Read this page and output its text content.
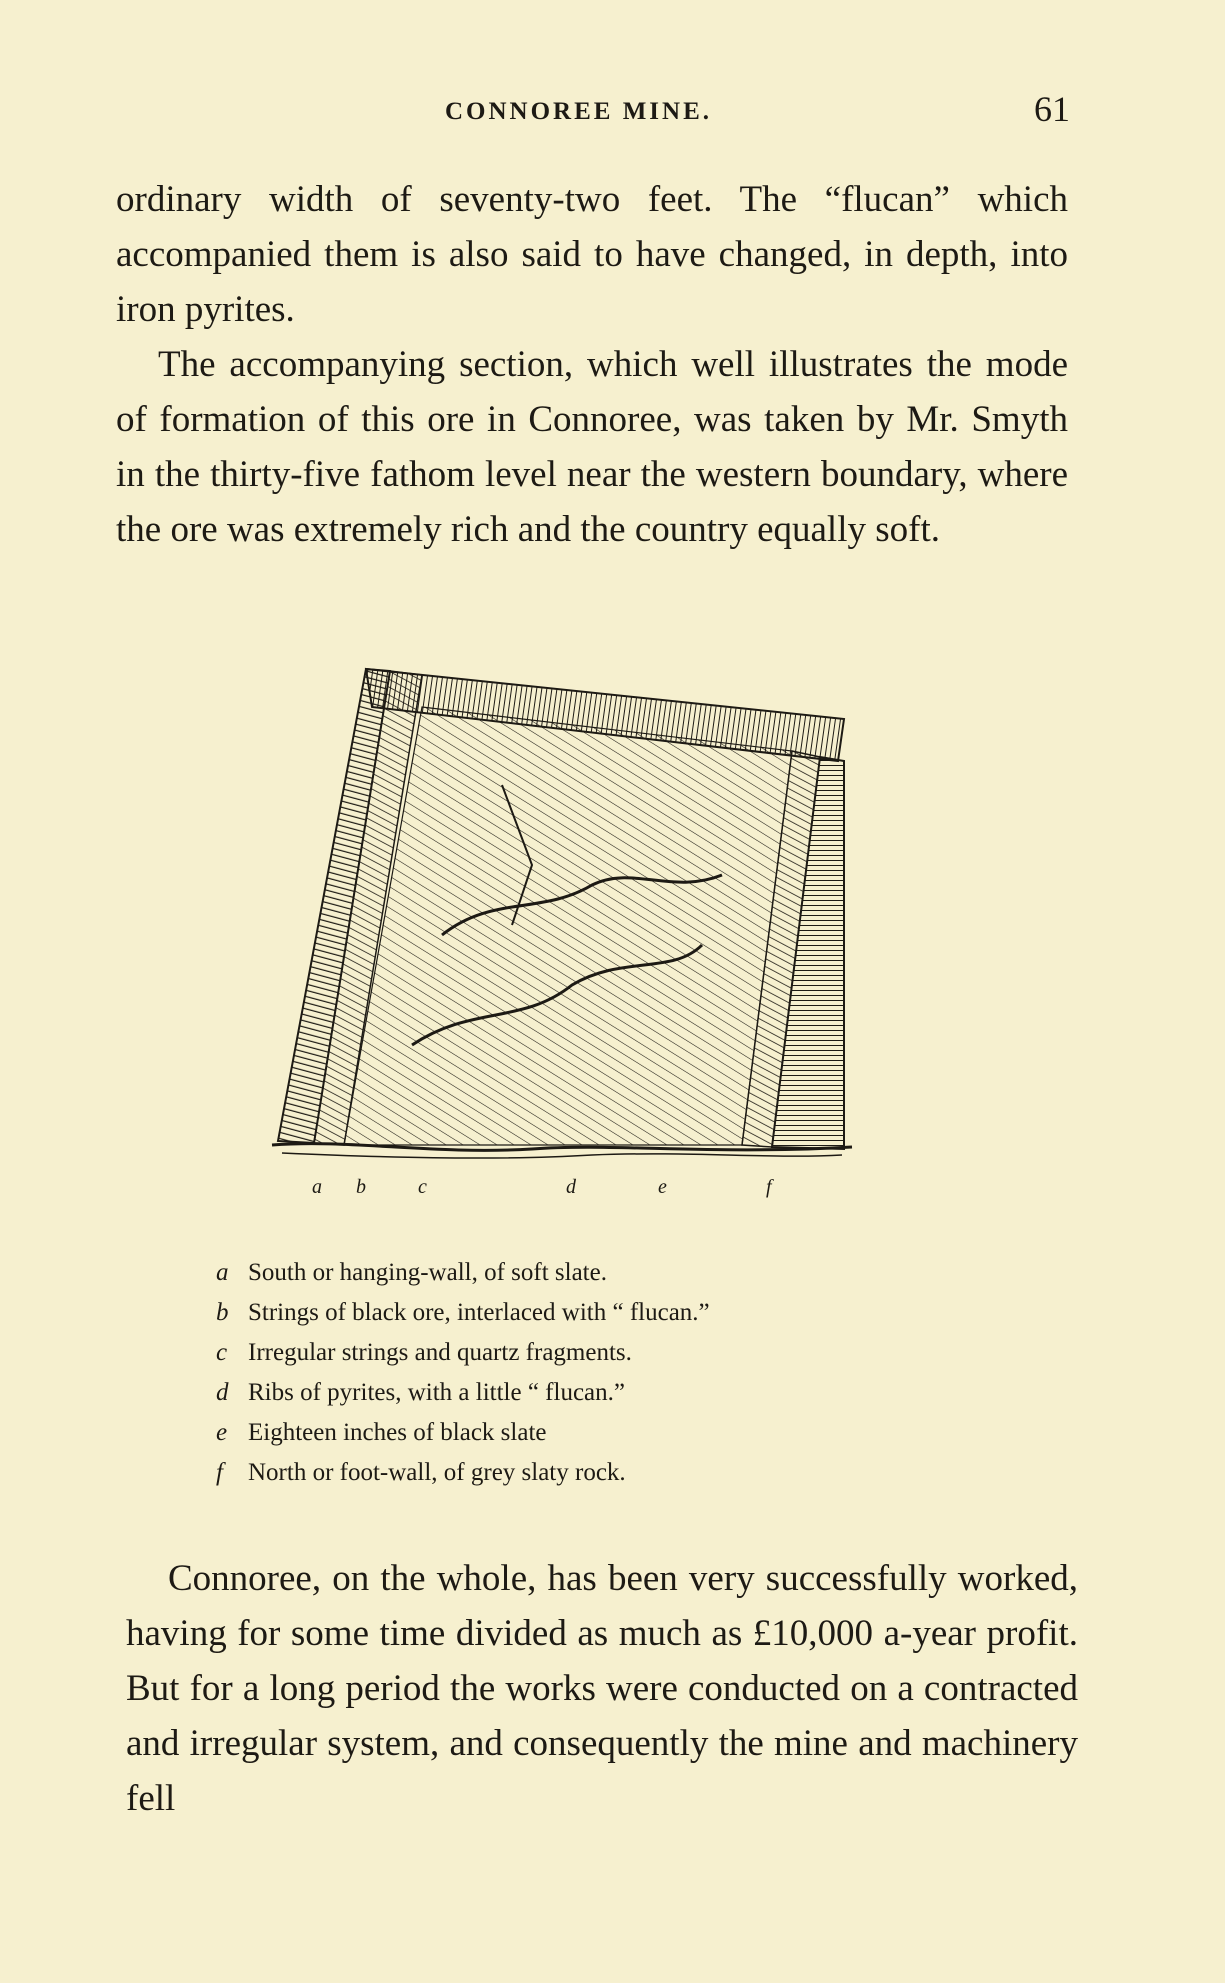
CONNOREE MINE.	61

ordinary width of seventy-two feet. The “flucan” which accompanied them is also said to have changed, in depth, into iron pyrites.

The accompanying section, which well illustrates the mode of formation of this ore in Connoree, was taken by Mr. Smyth in the thirty-five fathom level near the western boundary, where the ore was extremely rich and the country equally soft.

a b	c	d	e	f
a South or hanging-wall, of soft slate.
b Strings of black ore, interlaced with “ flucan.”
c Irregular strings and quartz fragments.
d Ribs of pyrites, with a little “ flucan.”
e Eighteen inches of black slate
f North or foot-wall, of grey slaty rock.

Connoree, on the whole, has been very successfully worked, having for some time divided as much as £10,000 a-year profit. But for a long period the works were conducted on a contracted and irregular system, and consequently the mine and machinery fell
